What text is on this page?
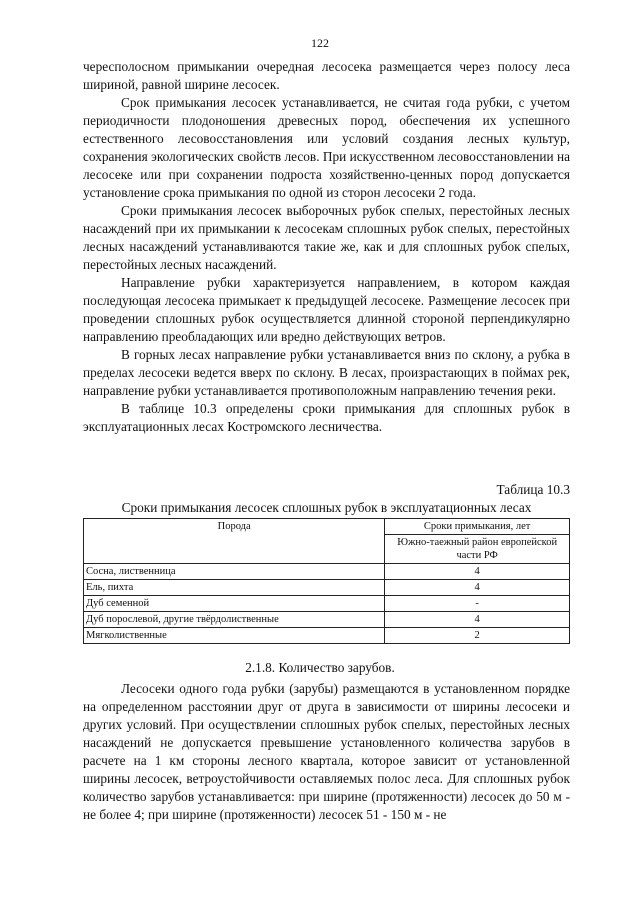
122

чересполосном примыкании очередная лесосека размещается через полосу леса шириной, равной ширине лесосек.

Срок примыкания лесосек устанавливается, не считая года рубки, с учетом периодичности плодоношения древесных пород, обеспечения их успешного естественного лесовосстановления или условий создания лесных культур, сохранения экологических свойств лесов. При искусственном лесовосстановлении на лесосеке или при сохранении подроста хозяйственно-ценных пород допускается установление срока примыкания по одной из сторон лесосеки 2 года.

Сроки примыкания лесосек выборочных рубок спелых, перестойных лесных насаждений при их примыкании к лесосекам сплошных рубок спелых, перестойных лесных насаждений устанавливаются такие же, как и для сплошных рубок спелых, перестойных лесных насаждений.

Направление рубки характеризуется направлением, в котором каждая последующая лесосека примыкает к предыдущей лесосеке. Размещение лесосек при проведении сплошных рубок осуществляется длинной стороной перпендикулярно направлению преобладающих или вредно действующих ветров.

В горных лесах направление рубки устанавливается вниз по склону, а рубка в пределах лесосеки ведется вверх по склону. В лесах, произрастающих в поймах рек, направление рубки устанавливается противоположным направлению течения реки.

В таблице 10.3 определены сроки примыкания для сплошных рубок в эксплуатационных лесах Костромского лесничества.

Таблица 10.3
Сроки примыкания лесосек сплошных рубок в эксплуатационных лесах
Порода	Сроки примыкания, лет
	Южно-таежный район европейской части РФ
Сосна, лиственница	4
Ель, пихта	4
Дуб семенной	-
Дуб порослевой, другие твёрдолиственные	4
Мягколиственные	2
2.1.8. Количество зарубов.

Лесосеки одного года рубки (зарубы) размещаются в установленном порядке на определенном расстоянии друг от друга в зависимости от ширины лесосеки и других условий. При осуществлении сплошных рубок спелых, перестойных лесных насаждений не допускается превышение установленного количества зарубов в расчете на 1 км стороны лесного квартала, которое зависит от установленной ширины лесосек, ветроустойчивости оставляемых полос леса. Для сплошных рубок количество зарубов устанавливается: при ширине (протяженности) лесосек до 50 м - не более 4; при ширине (протяженности) лесосек 51 - 150 м - не
